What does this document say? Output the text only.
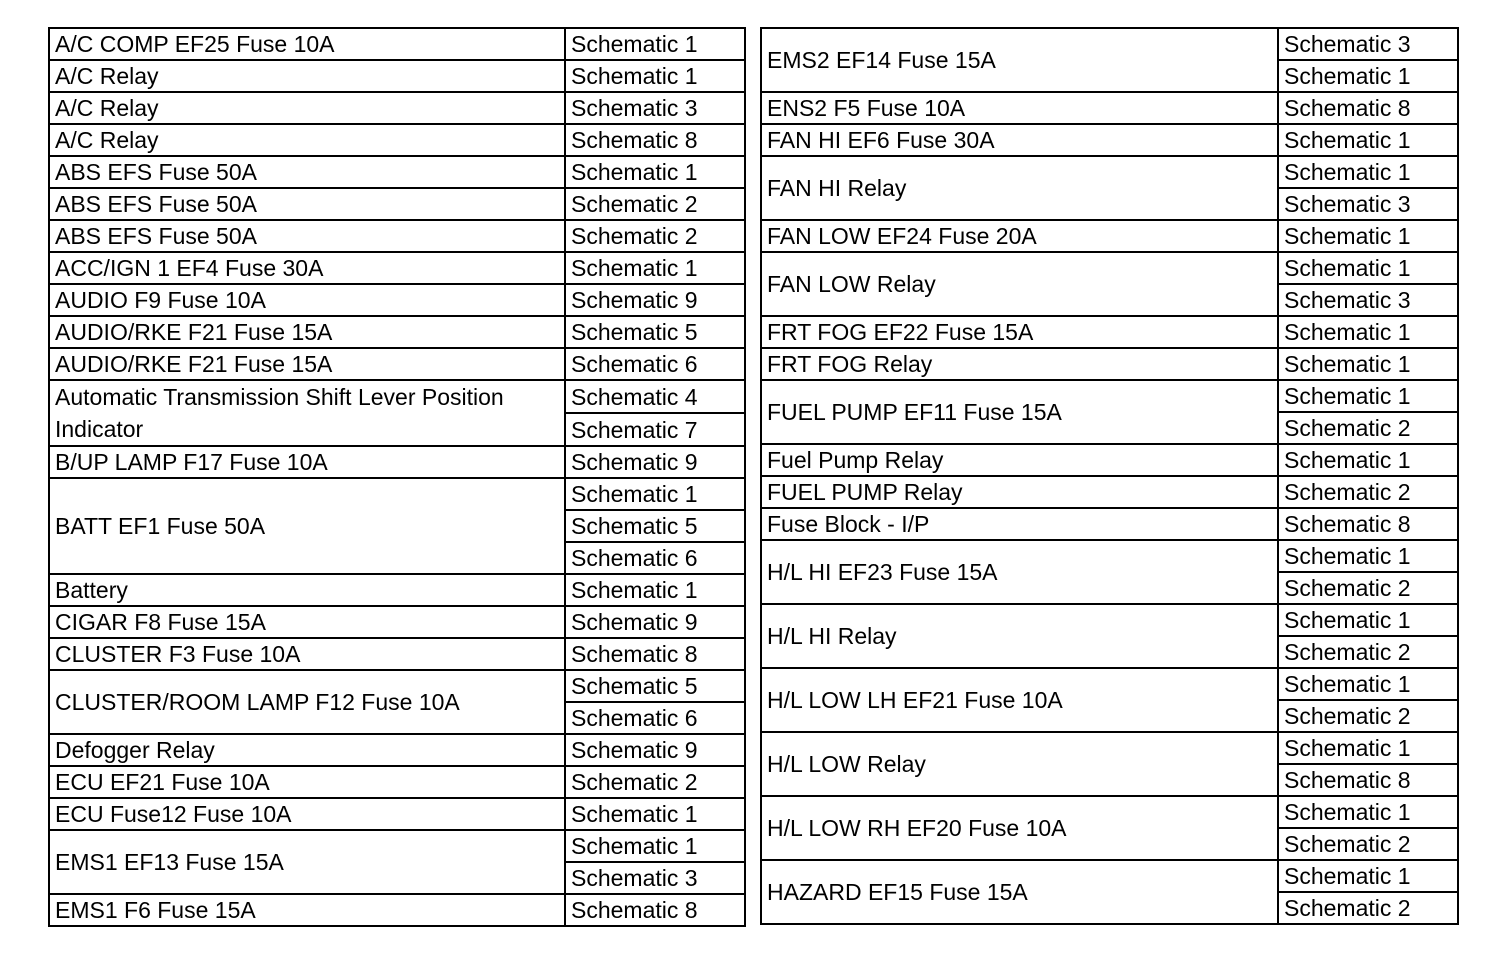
A/C COMP EF25 Fuse 10A	Schematic 1
A/C Relay	Schematic 1
A/C Relay	Schematic 3
A/C Relay	Schematic 8
ABS EFS Fuse 50A	Schematic 1
ABS EFS Fuse 50A	Schematic 2
ABS EFS Fuse 50A	Schematic 2
ACC/IGN 1 EF4 Fuse 30A	Schematic 1
AUDIO F9 Fuse 10A	Schematic 9
AUDIO/RKE F21 Fuse 15A	Schematic 5
AUDIO/RKE F21 Fuse 15A	Schematic 6
Automatic Transmission Shift Lever Position Indicator	Schematic 4
	Schematic 7
B/UP LAMP F17 Fuse 10A	Schematic 9
BATT EF1 Fuse 50A	Schematic 1
	Schematic 5
	Schematic 6
Battery	Schematic 1
CIGAR F8 Fuse 15A	Schematic 9
CLUSTER F3 Fuse 10A	Schematic 8
CLUSTER/ROOM LAMP F12 Fuse 10A	Schematic 5
	Schematic 6
Defogger Relay	Schematic 9
ECU EF21 Fuse 10A	Schematic 2
ECU Fuse12 Fuse 10A	Schematic 1
EMS1 EF13 Fuse 15A	Schematic 1
	Schematic 3
EMS1 F6 Fuse 15A	Schematic 8
EMS2 EF14 Fuse 15A	Schematic 3
	Schematic 1
ENS2 F5 Fuse 10A	Schematic 8
FAN HI EF6 Fuse 30A	Schematic 1
FAN HI Relay	Schematic 1
	Schematic 3
FAN LOW EF24 Fuse 20A	Schematic 1
FAN LOW Relay	Schematic 1
	Schematic 3
FRT FOG EF22 Fuse 15A	Schematic 1
FRT FOG Relay	Schematic 1
FUEL PUMP EF11 Fuse 15A	Schematic 1
	Schematic 2
Fuel Pump Relay	Schematic 1
FUEL PUMP Relay	Schematic 2
Fuse Block - I/P	Schematic 8
H/L HI EF23 Fuse 15A	Schematic 1
	Schematic 2
H/L HI Relay	Schematic 1
	Schematic 2
H/L LOW LH EF21 Fuse 10A	Schematic 1
	Schematic 2
H/L LOW Relay	Schematic 1
	Schematic 8
H/L LOW RH EF20 Fuse 10A	Schematic 1
	Schematic 2
HAZARD EF15 Fuse 15A	Schematic 1
	Schematic 2
